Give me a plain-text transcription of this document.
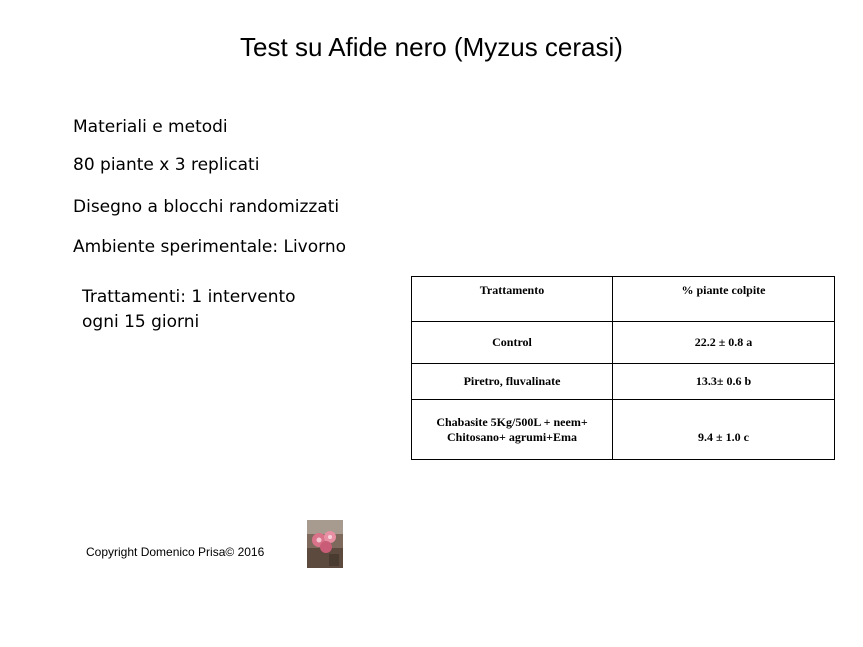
Test su Afide nero (Myzus cerasi)
Materiali e metodi
80 piante x 3 replicati
Disegno a blocchi randomizzati
Ambiente sperimentale: Livorno
Trattamenti: 1 intervento
ogni 15 giorni
Trattamento	% piante colpite
Control	22.2 ± 0.8 a
Piretro, fluvalinate	13.3± 0.6 b

Chabasite 5Kg/500L + neem+
Chitosano+ agrumi+Ema	9.4 ± 1.0 c
Copyright Domenico Prisa© 2016
